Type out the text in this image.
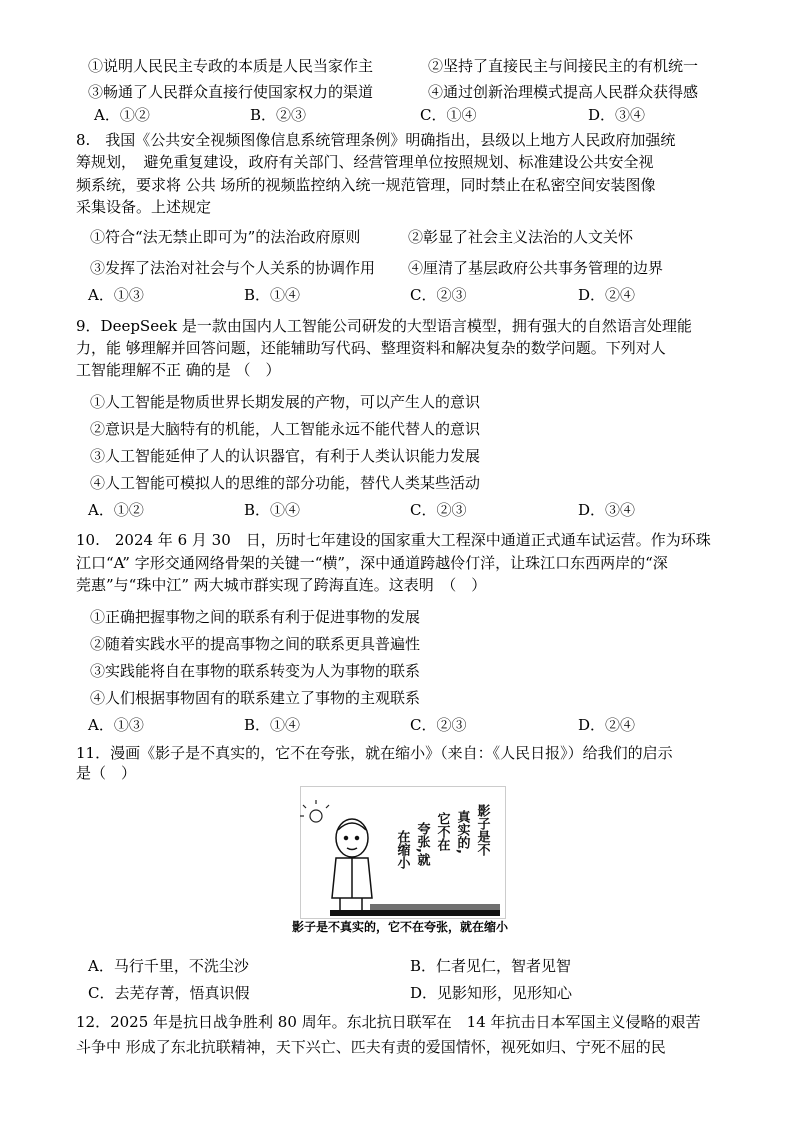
①说明人民民主专政的本质是人民当家作主	②坚持了直接民主与间接民主的有机统一
③畅通了人民群众直接行使国家权力的渠道	④通过创新治理模式提高人民群众获得感
A．①②	B．②③	C．①④	D．③④
8.　我国《公共安全视频图像信息系统管理条例》明确指出，县级以上地方人民政府加强统
筹规划，　避免重复建设，政府有关部门、经营管理单位按照规划、标准建设公共安全视
频系统，要求将 公共 场所的视频监控纳入统一规范管理，同时禁止在私密空间安装图像
采集设备。上述规定
①符合“法无禁止即可为”的法治政府原则	②彰显了社会主义法治的人文关怀
③发挥了法治对社会与个人关系的协调作用 ④厘清了基层政府公共事务管理的边界
A．①③	B．①④	C．②③	D．②④
9．DeepSeek 是一款由国内人工智能公司研发的大型语言模型，拥有强大的自然语言处理能
力，能 够理解并回答问题，还能辅助写代码、整理资料和解决复杂的数学问题。下列对人
工智能理解不正 确的是 （　）
①人工智能是物质世界长期发展的产物，可以产生人的意识
②意识是大脑特有的机能，人工智能永远不能代替人的意识
③人工智能延伸了人的认识器官，有利于人类认识能力发展
④人工智能可模拟人的思维的部分功能，替代人类某些活动
A．①②	B．①④	C．②③	D．③④
10.　2024 年 6 月 30　日，历时七年建设的国家重大工程深中通道正式通车试运营。作为环珠
江口“A” 字形交通网络骨架的关键一“横”，深中通道跨越伶仃洋，让珠江口东西两岸的“深
莞惠”与“珠中江” 两大城市群实现了跨海直连。这表明　（　）
①正确把握事物之间的联系有利于促进事物的发展
②随着实践水平的提高事物之间的联系更具普遍性
③实践能将自在事物的联系转变为人为事物的联系
④人们根据事物固有的联系建立了事物的主观联系
A．①③	B．①④	C．②③	D．②④
11．漫画《影子是不真实的，它不在夸张，就在缩小》（来自：《人民日报》）给我们的启示
是（　）
影子是不
真实的,
它不在
夸张,就
在缩小
影子是不真实的，它不在夸张，就在缩小
A．马行千里，不洗尘沙	B．仁者见仁，智者见智
C．去芜存菁，悟真识假	D．见影知形，见形知心
12．2025 年是抗日战争胜利 80 周年。东北抗日联军在　14 年抗击日本军国主义侵略的艰苦
斗争中 形成了东北抗联精神，天下兴亡、匹夫有责的爱国情怀，视死如归、宁死不屈的民
